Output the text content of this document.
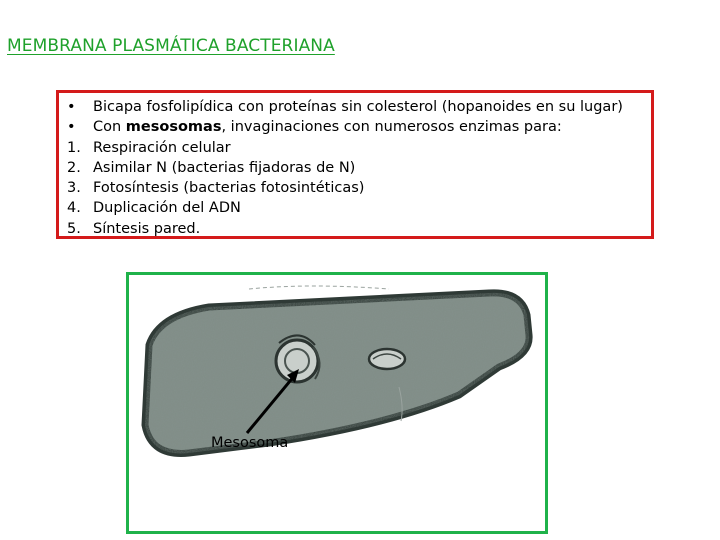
MEMBRANA PLASMÁTICA BACTERIANA
•	Bicapa fosfolipídica con proteínas sin colesterol (hopanoides en su lugar)
•	Con mesosomas, invaginaciones con numerosos enzimas para:
1. Respiración celular
2. Asimilar N (bacterias fijadoras de N)
3. Fotosíntesis (bacterias fotosintéticas)
4. Duplicación del ADN
5. Síntesis pared.
Mesosoma
